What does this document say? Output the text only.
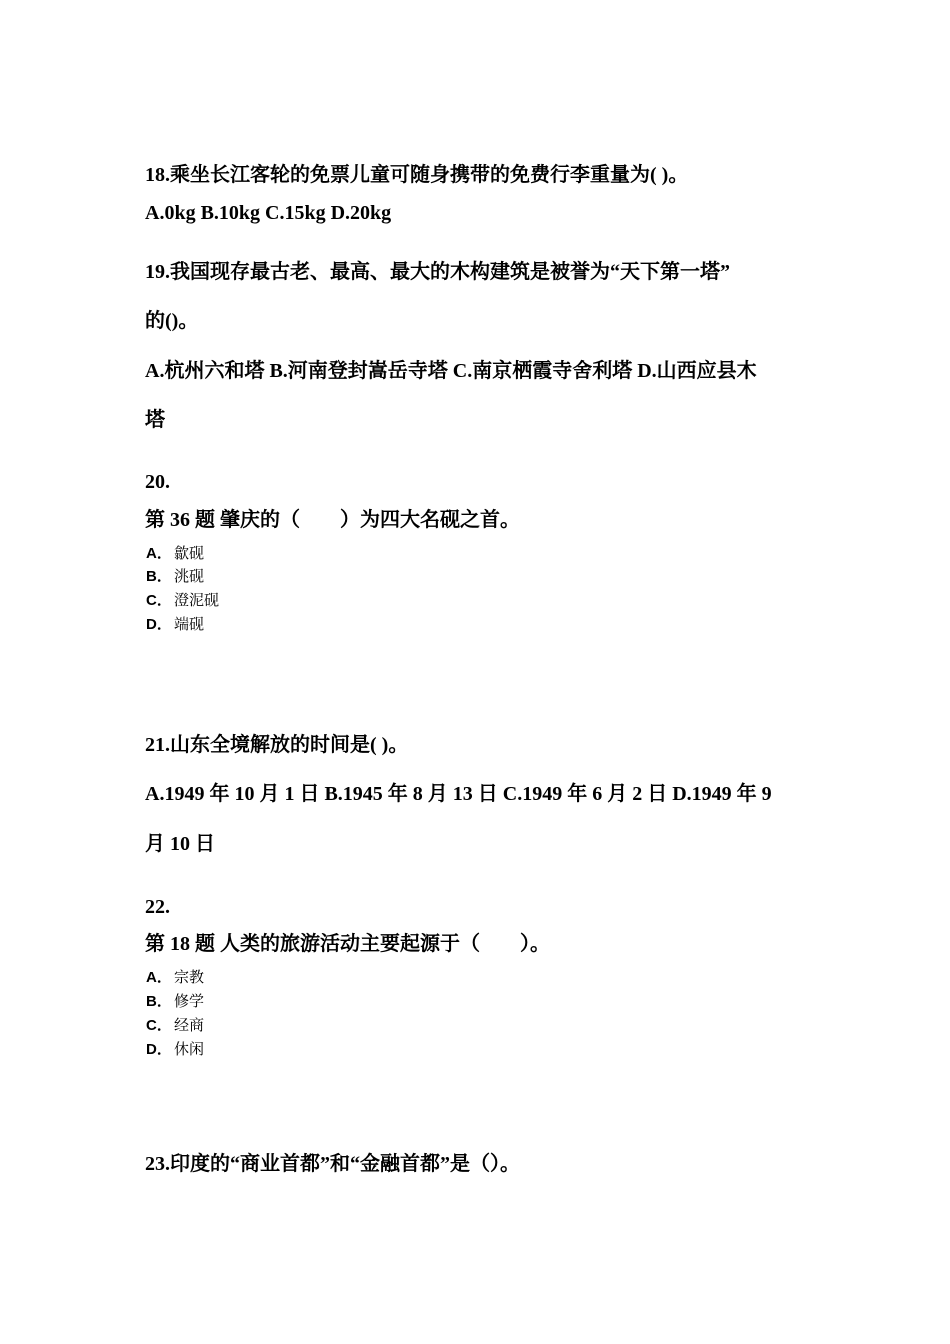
18.乘坐长江客轮的免票儿童可随身携带的免费行李重量为( )。
A.0kg B.10kg C.15kg D.20kg
19.我国现存最古老、最高、最大的木构建筑是被誉为“天下第一塔”
的()。
A.杭州六和塔 B.河南登封嵩岳寺塔 C.南京栖霞寺舍利塔 D.山西应县木
塔
20.
第 36 题 肇庆的（　　）为四大名砚之首。
A． 歙砚
B． 洮砚
C． 澄泥砚
D． 端砚
21.山东全境解放的时间是( )。
A.1949 年 10 月 1 日 B.1945 年 8 月 13 日 C.1949 年 6 月 2 日 D.1949 年 9
月 10 日
22.
第 18 题 人类的旅游活动主要起源于（　　）。
A． 宗教
B． 修学
C． 经商
D． 休闲
23.印度的“商业首都”和“金融首都”是（）。
